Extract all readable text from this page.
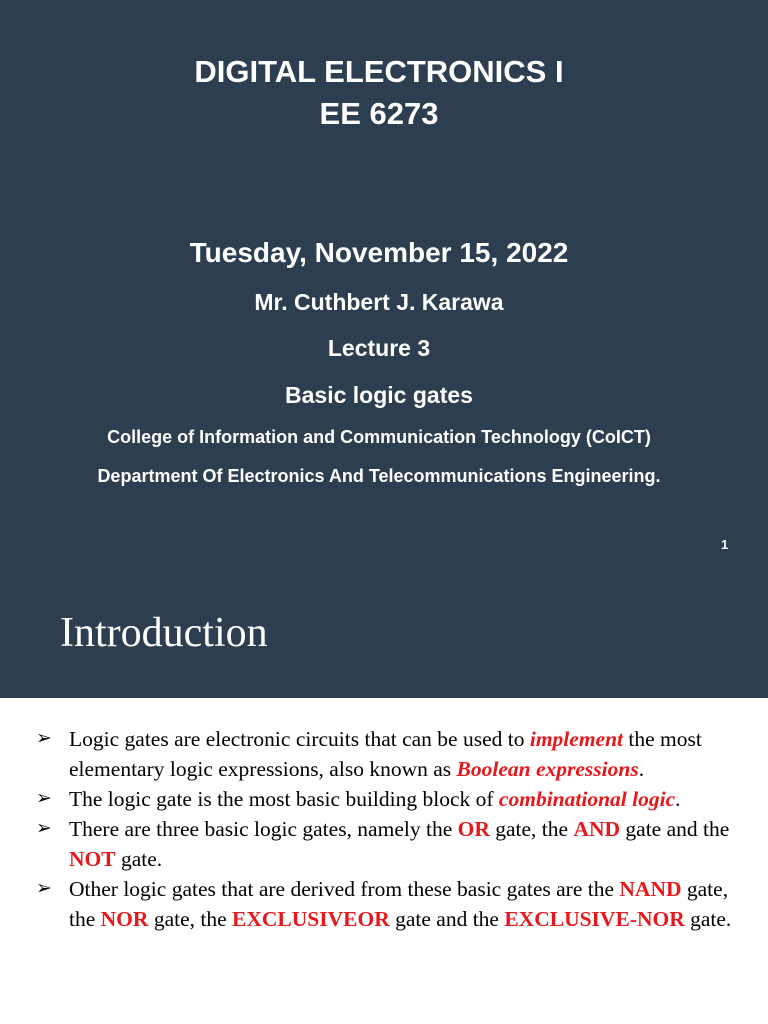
DIGITAL ELECTRONICS I
EE 6273
Tuesday, November 15, 2022
Mr. Cuthbert J. Karawa
Lecture 3
Basic logic gates
College of Information and Communication Technology (CoICT)
Department Of Electronics And Telecommunications Engineering.
1
Introduction
➢ Logic gates are electronic circuits that can be used to implement the most elementary logic expressions, also known as Boolean expressions.
➢ The logic gate is the most basic building block of combinational logic.
➢ There are three basic logic gates, namely the OR gate, the AND gate and the NOT gate.
➢ Other logic gates that are derived from these basic gates are the NAND gate, the NOR gate, the EXCLUSIVEOR gate and the EXCLUSIVE-NOR gate.
